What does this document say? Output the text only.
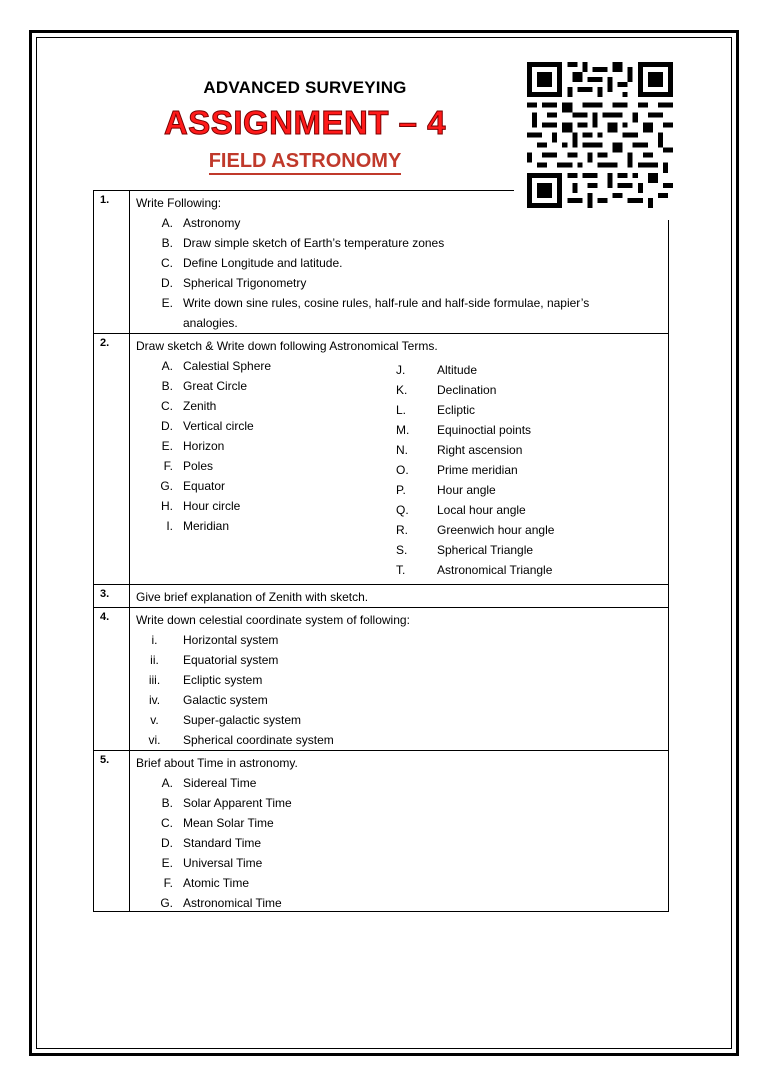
ADVANCED SURVEYING
ASSIGNMENT – 4
FIELD ASTRONOMY
1. Write Following:
A. Astronomy
B. Draw simple sketch of Earth’s temperature zones
C. Define Longitude and latitude.
D. Spherical Trigonometry
E. Write down sine rules, cosine rules, half-rule and half-side formulae, napier’s
analogies.
2. Draw sketch & Write down following Astronomical Terms.
A. Calestial Sphere
B. Great Circle
C. Zenith
D. Vertical circle
E. Horizon
F. Poles
G. Equator
H. Hour circle
I. Meridian
J.	Altitude
K. Declination
L.	Ecliptic
M. Equinoctial points
N. Right ascension
O. Prime meridian
P.	Hour angle
Q. Local hour angle
R. Greenwich hour angle
S. Spherical Triangle
T.	Astronomical Triangle
3. Give brief explanation of Zenith with sketch.
4. Write down celestial coordinate system of following:
i.	Horizontal system
ii.	Equatorial system
iii.	Ecliptic system
iv.	Galactic system
v.	Super-galactic system
vi.	Spherical coordinate system
5. Brief about Time in astronomy.
A. Sidereal Time
B. Solar Apparent Time
C. Mean Solar Time
D. Standard Time
E. Universal Time
F. Atomic Time
G. Astronomical Time
